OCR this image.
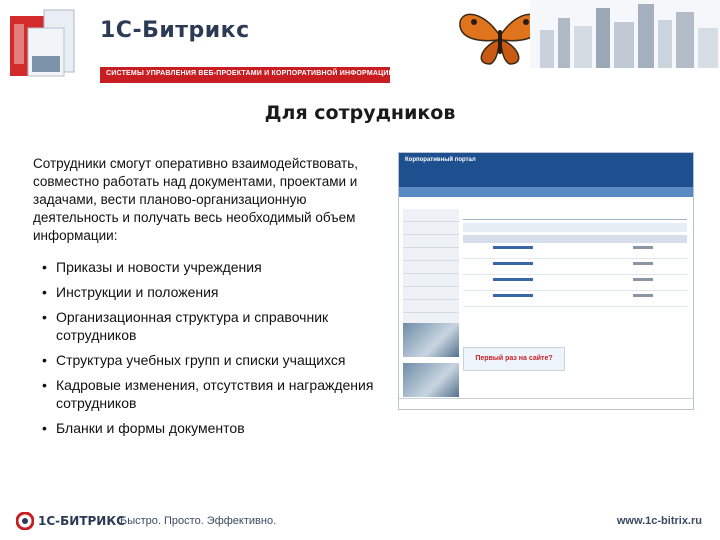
1С-Битрикс
СИСТЕМЫ УПРАВЛЕНИЯ ВЕБ-ПРОЕКТАМИ И КОРПОРАТИВНОЙ ИНФОРМАЦИЕЙ
Для сотрудников
Сотрудники смогут оперативно взаимодействовать, совместно работать над документами, проектами и задачами, вести планово-организационную деятельность и получать весь необходимый объем информации:
• Приказы и новости учреждения
• Инструкции и положения
• Организационная структура и справочник сотрудников
• Структура учебных групп и списки учащихся
• Кадровые изменения, отсутствия и награждения сотрудников
• Бланки и формы документов
Корпоративный портал

Первый раз на сайте?
1С-БИТРИКС
Быстро. Просто. Эффективно.	www.1c-bitrix.ru
